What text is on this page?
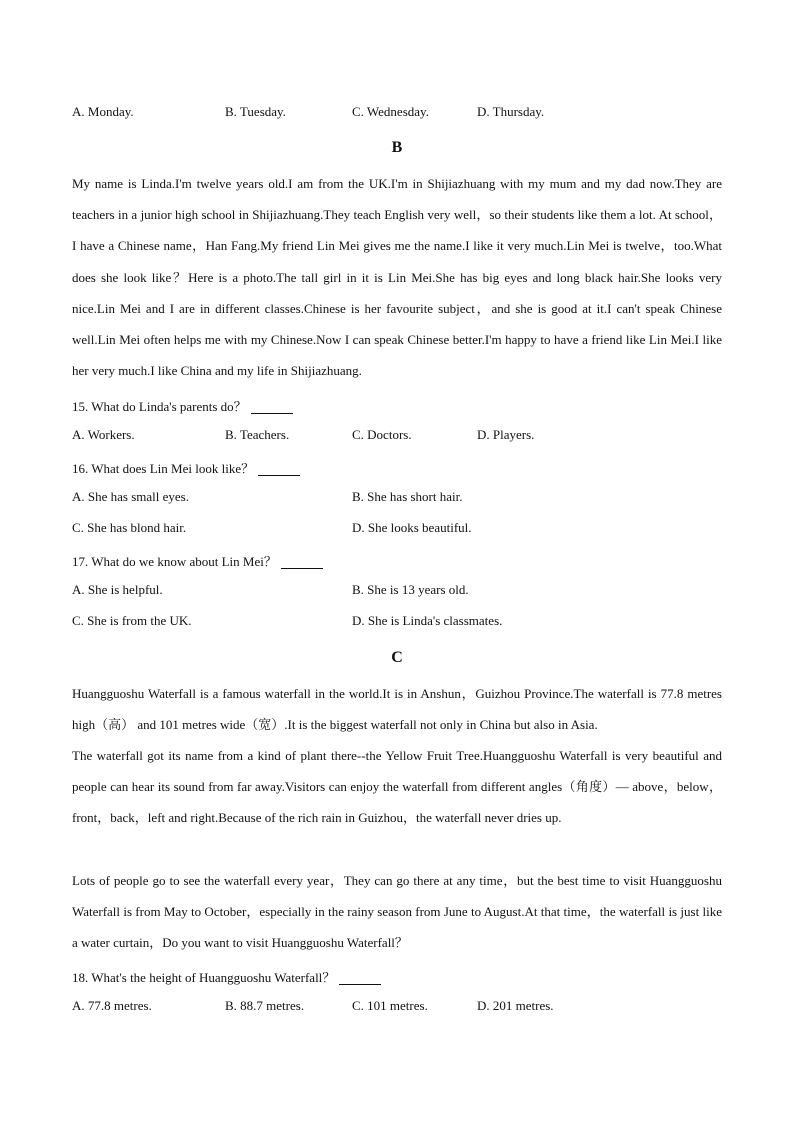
A. Monday.	B. Tuesday.	C. Wednesday.	D. Thursday.
B
My name is Linda.I'm twelve years old.I am from the UK.I'm in Shijiazhuang with my mum and my dad now.They are teachers in a junior high school in Shijiazhuang.They teach English very well，so their students like them a lot. At school，I have a Chinese name，Han Fang.My friend Lin Mei gives me the name.I like it very much.Lin Mei is twelve，too.What does she look like？Here is a photo.The tall girl in it is Lin Mei.She has big eyes and long black hair.She looks very nice.Lin Mei and I are in different classes.Chinese is her favourite subject，and she is good at it.I can't speak Chinese well.Lin Mei often helps me with my Chinese.Now I can speak Chinese better.I'm happy to have a friend like Lin Mei.I like her very much.I like China and my life in Shijiazhuang.
15. What do Linda's parents do？
A. Workers.	B. Teachers.	C. Doctors.	D. Players.
16. What does Lin Mei look like？
A. She has small eyes.	B. She has short hair.
C. She has blond hair.	D. She looks beautiful.
17. What do we know about Lin Mei？
A. She is helpful.	B. She is 13 years old.
C. She is from the UK.	D. She is Linda's classmates.
C
Huangguoshu Waterfall is a famous waterfall in the world.It is in Anshun，Guizhou Province.The waterfall is 77.8 metres high（高） and 101 metres wide（宽）.It is the biggest waterfall not only in China but also in Asia.
The waterfall got its name from a kind of plant there--the Yellow Fruit Tree.Huangguoshu Waterfall is very beautiful and people can hear its sound from far away.Visitors can enjoy the waterfall from different angles（角度）— above，below，front，back，left and right.Because of the rich rain in Guizhou，the waterfall never dries up.
Lots of people go to see the waterfall every year，They can go there at any time，but the best time to visit Huangguoshu Waterfall is from May to October，especially in the rainy season from June to August.At that time，the waterfall is just like a water curtain，Do you want to visit Huangguoshu Waterfall？
18. What's the height of Huangguoshu Waterfall？
A. 77.8 metres.	B. 88.7 metres.	C. 101 metres.	D. 201 metres.
